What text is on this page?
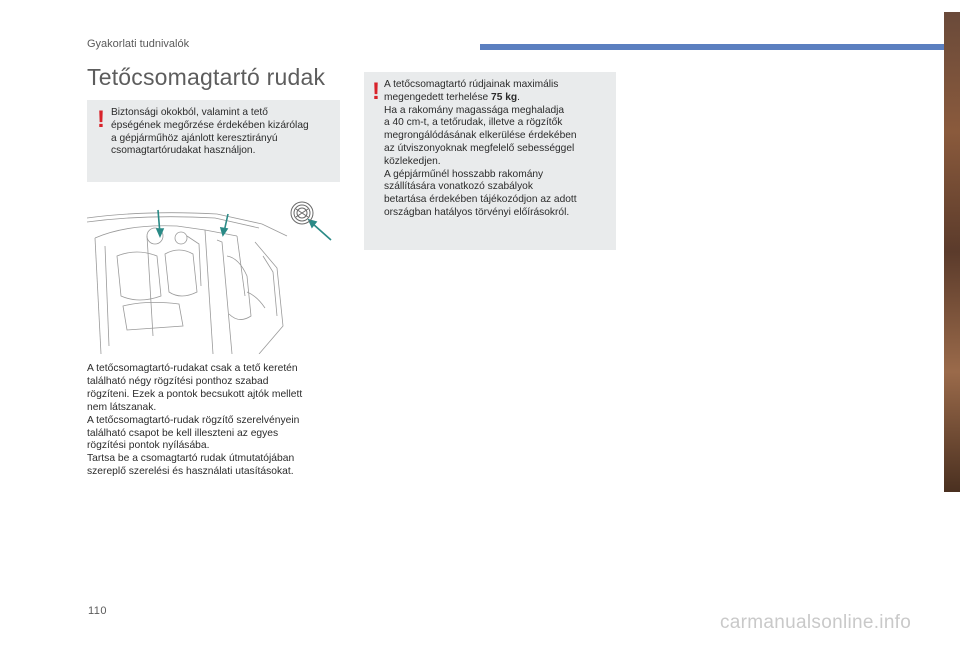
Gyakorlati tudnivalók
Tetőcsomagtartó rudak
! Biztonsági okokból, valamint a tető
épségének megőrzése érdekében kizárólag
a gépjárműhöz ajánlott keresztirányú
csomagtartórudakat használjon.
! A tetőcsomagtartó rúdjainak maximális
megengedett terhelése 75 kg.
Ha a rakomány magassága meghaladja
a 40 cm-t, a tetőrudak, illetve a rögzítők
megrongálódásának elkerülése érdekében
az útviszonyoknak megfelelő sebességgel
közlekedjen.
A gépjárműnél hosszabb rakomány
szállítására vonatkozó szabályok
betartása érdekében tájékozódjon az adott
országban hatályos törvényi előírásokról.
A tetőcsomagtartó-rudakat csak a tető keretén
található négy rögzítési ponthoz szabad
rögzíteni. Ezek a pontok becsukott ajtók mellett
nem látszanak.
A tetőcsomagtartó-rudak rögzítő szerelvényein
található csapot be kell illeszteni az egyes
rögzítési pontok nyílásába.
Tartsa be a csomagtartó rudak útmutatójában
szereplő szerelési és használati utasításokat.
110
carmanualsonline.info
